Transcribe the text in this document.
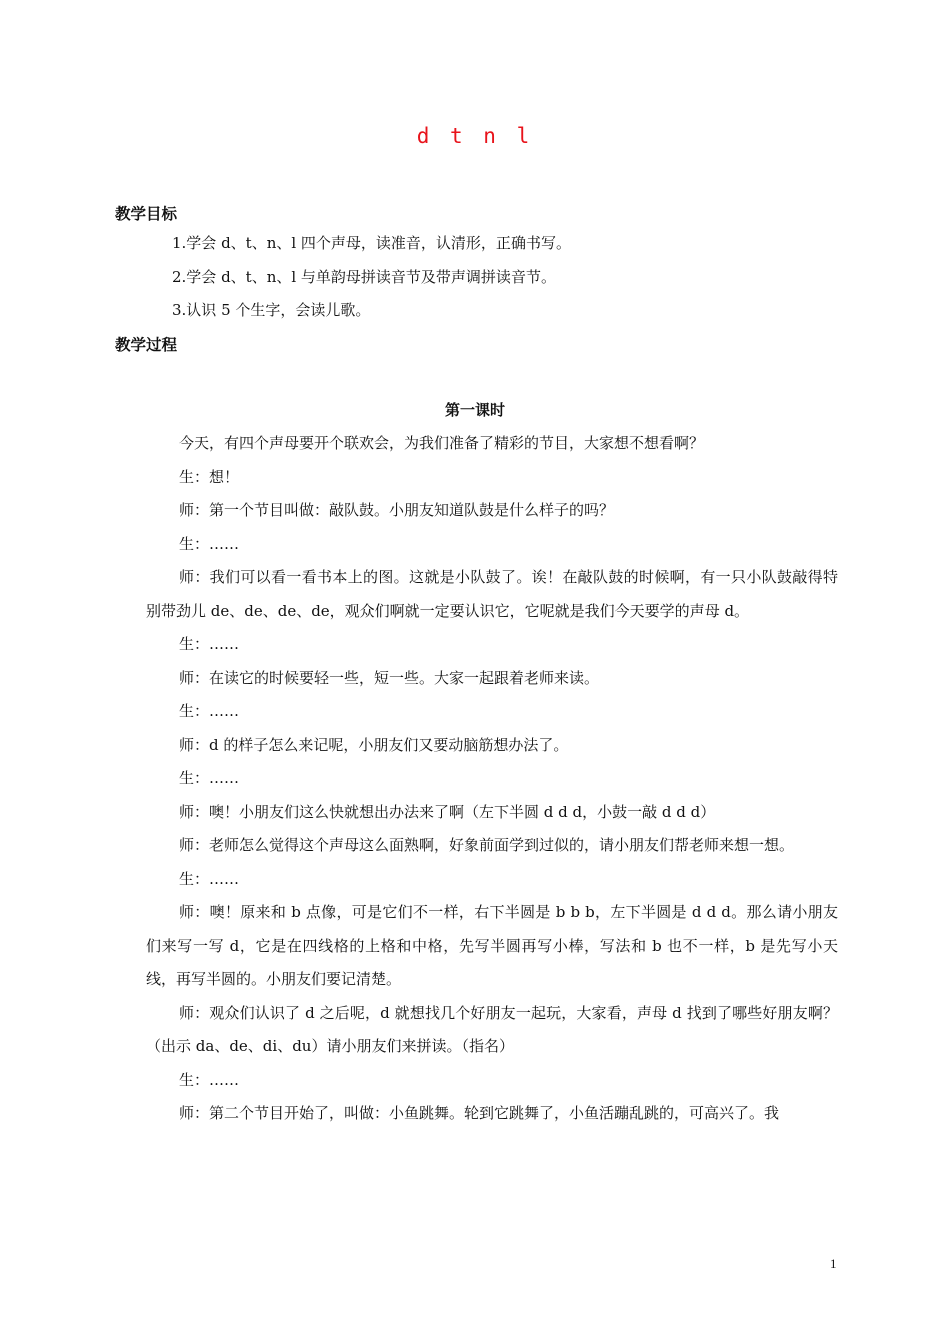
d t n l
教学目标
1.学会 d、t、n、l 四个声母，读准音，认清形，正确书写。
2.学会 d、t、n、l 与单韵母拼读音节及带声调拼读音节。
3.认识 5 个生字，会读儿歌。
教学过程
第一课时

今天，有四个声母要开个联欢会，为我们准备了精彩的节目，大家想不想看啊？

生：想！

师：第一个节目叫做：敲队鼓。小朋友知道队鼓是什么样子的吗？

生：……

师：我们可以看一看书本上的图。这就是小队鼓了。诶！在敲队鼓的时候啊，有一只小队鼓敲得特别带劲儿 de、de、de、de，观众们啊就一定要认识它，它呢就是我们今天要学的声母 d。

生：……

师：在读它的时候要轻一些，短一些。大家一起跟着老师来读。

生：……

师：d 的样子怎么来记呢，小朋友们又要动脑筋想办法了。

生：……

师：噢！小朋友们这么快就想出办法来了啊（左下半圆 d d d，小鼓一敲 d d d）

师：老师怎么觉得这个声母这么面熟啊，好象前面学到过似的，请小朋友们帮老师来想一想。

生：……

师：噢！原来和 b 点像，可是它们不一样，右下半圆是 b b b，左下半圆是 d d d。那么请小朋友们来写一写 d，它是在四线格的上格和中格，先写半圆再写小棒，写法和 b 也不一样，b 是先写小天线，再写半圆的。小朋友们要记清楚。

师：观众们认识了 d 之后呢，d 就想找几个好朋友一起玩，大家看，声母 d 找到了哪些好朋友啊？（出示 da、de、di、du）请小朋友们来拼读。（指名）

生：……

师：第二个节目开始了，叫做：小鱼跳舞。轮到它跳舞了，小鱼活蹦乱跳的，可高兴了。我

1
